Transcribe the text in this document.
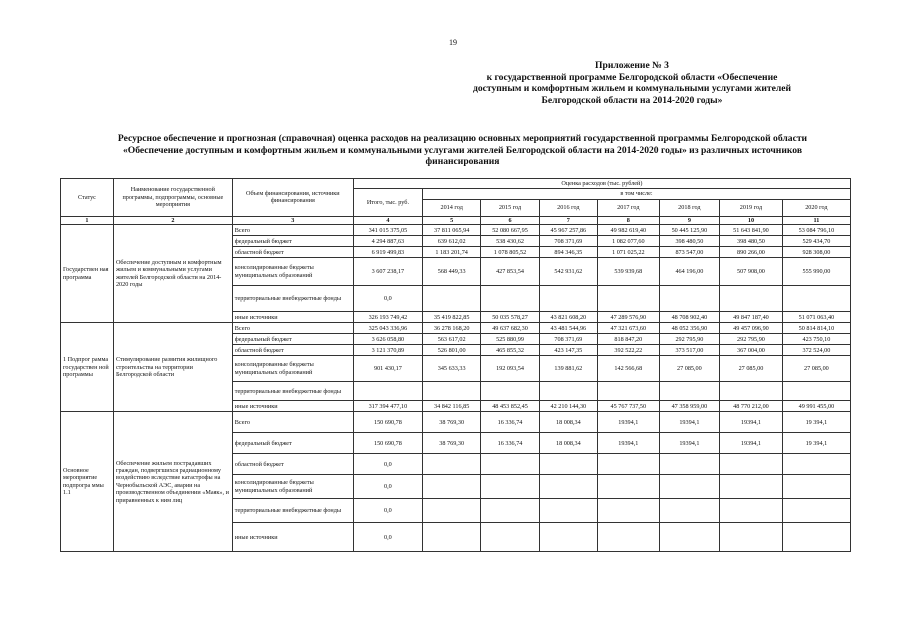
19
Приложение № 3
к государственной программе Белгородской области «Обеспечение
доступным и комфортным жильем и коммунальными услугами жителей
Белгородской области на 2014-2020 годы»
Ресурсное обеспечение и прогнозная (справочная) оценка расходов на реализацию основных мероприятий государственной программы Белгородской области
«Обеспечение доступным и комфортным жильем и коммунальными услугами жителей Белгородской области на 2014-2020 годы» из различных источников
финансирования
Статус	Наименование государственной программы, подпрограммы, основные мероприятия	Объем финансирования, источники финансирования	Оценка расходов (тыс. рублей)							
			Итого, тыс. руб.	в том числе:						
				2014 год	2015 год	2016 год	2017 год	2018 год	2019 год	2020 год
1	2	3	4	5	6	7	8	9	10	11
Государствен ная программа	Обеспечение доступным и комфортным жильем и коммунальными услугами жителей Белгородской области на 2014-2020 годы	Всего	341 015 375,05	37 811 065,94	52 080 667,95	45 967 257,86	49 982 619,40	50 445 125,90	51 643 841,90	53 084 796,10
		федеральный бюджет	4 294 887,63	639 612,02	538 430,62	708 371,69	1 082 077,60	398 480,50	398 480,50	529 434,70
		областной бюджет	6 919 499,83	1 183 201,74	1 078 805,52	894 346,35	1 071 025,22	873 547,00	890 266,00	928 308,00
		консолидированные бюджеты муниципальных образований	3 607 238,17	568 449,33	427 853,54	542 931,62	539 939,68	464 196,00	507 908,00	555 990,00
		территориальные внебюджетные фонды	0,0							
		иные источники	326 193 749,42	35 419 822,85	50 035 578,27	43 821 608,20	47 289 576,90	48 708 902,40	49 847 187,40	51 071 063,40
1 Подпрог рамма государствен ной программы	Стимулирование развития жилищного строительства на территории Белгородской области	Всего	325 043 336,96	36 278 168,20	49 637 682,30	43 481 544,96	47 321 673,60	48 052 356,90	49 457 096,90	50 814 814,10
		федеральный бюджет	3 626 058,80	563 617,02	525 880,99	708 371,69	818 847,20	292 795,90	292 795,90	423 750,10
		областной бюджет	3 121 370,89	526 801,00	465 855,32	423 147,35	392 522,22	373 517,00	367 004,00	372 524,00
		консолидированные бюджеты муниципальных образований	901 430,17	345 633,33	192 093,54	139 881,62	142 566,68	27 085,00	27 085,00	27 085,00
		территориальные внебюджетные фонды								
		иные источники	317 394 477,10	34 842 116,85	48 453 852,45	42 210 144,30	45 767 737,50	47 358 959,00	48 770 212,00	49 991 455,00
Основное мероприятие подпрогра ммы 1.1	Обеспечение жильем пострадавших граждан, подвергшихся радиационному воздействию вследствие катастрофы на Чернобыльской АЭС, аварии на производственном объединении «Маяк», и приравненных к ним лиц	Всего	150 690,78	38 769,30	16 336,74	18 008,34	19394,1	19394,1	19394,1	19 394,1
		федеральный бюджет	150 690,78	38 769,30	16 336,74	18 008,34	19394,1	19394,1	19394,1	19 394,1
		областной бюджет	0,0							
		консолидированные бюджеты муниципальных образований	0,0							
		территориальные внебюджетные фонды	0,0							
		иные источники	0,0							
